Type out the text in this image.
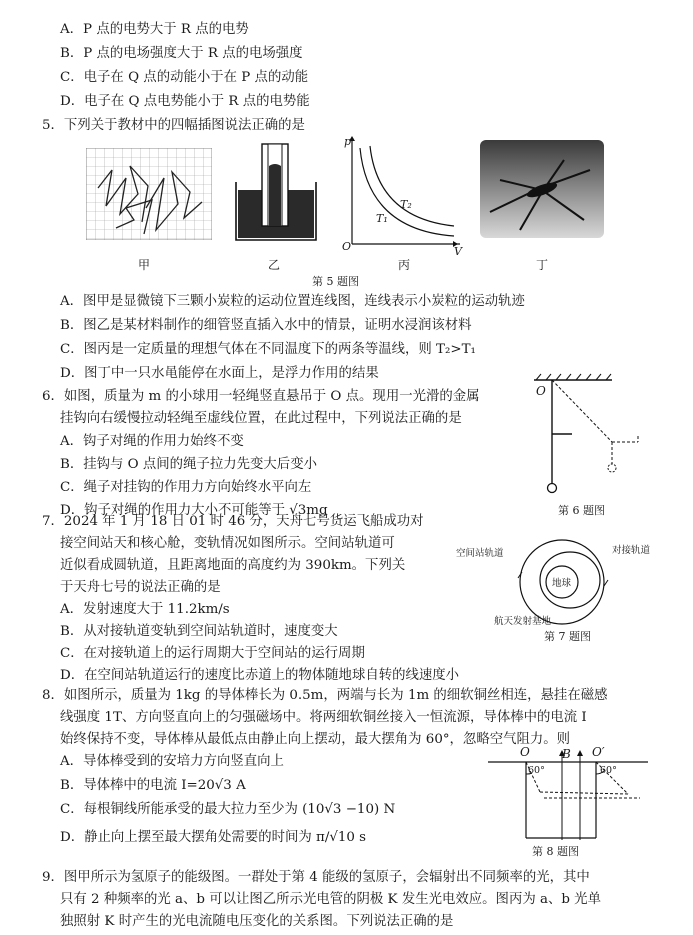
A．P 点的电势大于 R 点的电势
B．P 点的电场强度大于 R 点的电场强度
C．电子在 Q 点的动能小于在 P 点的动能
D．电子在 Q 点电势能小于 R 点的电势能
5．下列关于教材中的四幅插图说法正确的是
甲	乙
p
V
O
T₁
T₂
丙	丁
第 5 题图
A．图甲是显微镜下三颗小炭粒的运动位置连线图，连线表示小炭粒的运动轨迹
B．图乙是某材料制作的细管竖直插入水中的情景，证明水浸润该材料
C．图丙是一定质量的理想气体在不同温度下的两条等温线，则 T₂>T₁
D．图丁中一只水黾能停在水面上，是浮力作用的结果
6．如图，质量为 m 的小球用一轻绳竖直悬吊于 O 点。现用一光滑的金属
挂钩向右缓慢拉动轻绳至虚线位置，在此过程中，下列说法正确的是
A．钩子对绳的作用力始终不变
B．挂钩与 O 点间的绳子拉力先变大后变小
C．绳子对挂钩的作用力方向始终水平向左
D．钩子对绳的作用力大小不可能等于 √3mg
O
第 6 题图
7．2024 年 1 月 18 日 01 时 46 分，天舟七号货运飞船成功对
接空间站天和核心舱，变轨情况如图所示。空间站轨道可
近似看成圆轨道，且距离地面的高度约为 390km。下列关
于天舟七号的说法正确的是
A．发射速度大于 11.2km/s
B．从对接轨道变轨到空间站轨道时，速度变大
C．在对接轨道上的运行周期大于空间站的运行周期
D．在空间站轨道运行的速度比赤道上的物体随地球自转的线速度小
空间站轨道	对接轨道
地球
航天发射基地
第 7 题图
8．如图所示，质量为 1kg 的导体棒长为 0.5m，两端与长为 1m 的细软铜丝相连，悬挂在磁感
线强度 1T、方向竖直向上的匀强磁场中。将两细软铜丝接入一恒流源，导体棒中的电流 I
始终保持不变，导体棒从最低点由静止向上摆动，最大摆角为 60°，忽略空气阻力。则
A．导体棒受到的安培力方向竖直向上
B．导体棒中的电流 I=20√3 A
C．每根铜线所能承受的最大拉力至少为 (10√3 −10) N
D．静止向上摆至最大摆角处需要的时间为 π/√10 s
O	B O′
60°	60°
第 8 题图
9．图甲所示为氢原子的能级图。一群处于第 4 能级的氢原子，会辐射出不同频率的光，其中
只有 2 种频率的光 a、b 可以让图乙所示光电管的阴极 K 发生光电效应。图丙为 a、b 光单
独照射 K 时产生的光电流随电压变化的关系图。下列说法正确的是
